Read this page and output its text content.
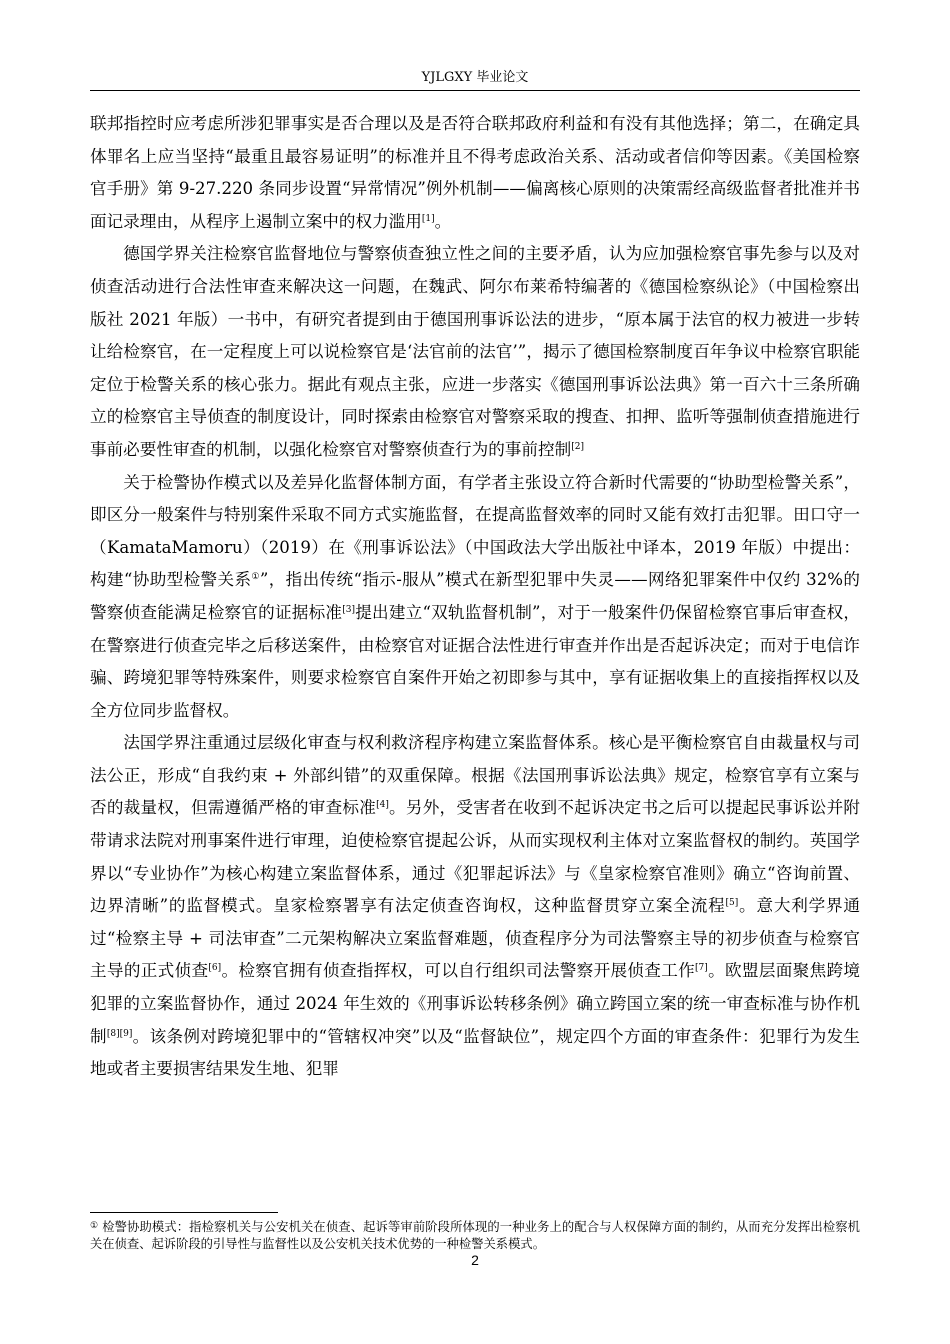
YJLGXY 毕业论文

联邦指控时应考虑所涉犯罪事实是否合理以及是否符合联邦政府利益和有没有其他选择；第二，在确定具体罪名上应当坚持“最重且最容易证明”的标准并且不得考虑政治关系、活动或者信仰等因素。《美国检察官手册》第 9-27.220 条同步设置“异常情况”例外机制——偏离核心原则的决策需经高级监督者批准并书面记录理由，从程序上遏制立案中的权力滥用[1]。

德国学界关注检察官监督地位与警察侦查独立性之间的主要矛盾，认为应加强检察官事先参与以及对侦查活动进行合法性审查来解决这一问题，在魏武、阿尔布莱希特编著的《德国检察纵论》（中国检察出版社 2021 年版）一书中，有研究者提到由于德国刑事诉讼法的进步，“原本属于法官的权力被进一步转让给检察官，在一定程度上可以说检察官是‘法官前的法官’”，揭示了德国检察制度百年争议中检察官职能定位于检警关系的核心张力。据此有观点主张，应进一步落实《德国刑事诉讼法典》第一百六十三条所确立的检察官主导侦查的制度设计，同时探索由检察官对警察采取的搜查、扣押、监听等强制侦查措施进行事前必要性审查的机制，以强化检察官对警察侦查行为的事前控制[2]

关于检警协作模式以及差异化监督体制方面，有学者主张设立符合新时代需要的“协助型检警关系”，即区分一般案件与特别案件采取不同方式实施监督，在提高监督效率的同时又能有效打击犯罪。田口守一（KamataMamoru）（2019）在《刑事诉讼法》（中国政法大学出版社中译本，2019 年版）中提出：构建“协助型检警关系①”，指出传统“指示-服从”模式在新型犯罪中失灵——网络犯罪案件中仅约 32%的警察侦查能满足检察官的证据标准[3]提出建立“双轨监督机制”，对于一般案件仍保留检察官事后审查权，在警察进行侦查完毕之后移送案件，由检察官对证据合法性进行审查并作出是否起诉决定；而对于电信诈骗、跨境犯罪等特殊案件，则要求检察官自案件开始之初即参与其中，享有证据收集上的直接指挥权以及全方位同步监督权。

法国学界注重通过层级化审查与权利救济程序构建立案监督体系。核心是平衡检察官自由裁量权与司法公正，形成“自我约束 + 外部纠错”的双重保障。根据《法国刑事诉讼法典》规定，检察官享有立案与否的裁量权，但需遵循严格的审查标准[4]。另外，受害者在收到不起诉决定书之后可以提起民事诉讼并附带请求法院对刑事案件进行审理，迫使检察官提起公诉，从而实现权利主体对立案监督权的制约。英国学界以“专业协作”为核心构建立案监督体系，通过《犯罪起诉法》与《皇家检察官准则》确立“咨询前置、边界清晰”的监督模式。皇家检察署享有法定侦查咨询权，这种监督贯穿立案全流程[5]。意大利学界通过“检察主导 + 司法审查”二元架构解决立案监督难题，侦查程序分为司法警察主导的初步侦查与检察官主导的正式侦查[6]。检察官拥有侦查指挥权，可以自行组织司法警察开展侦查工作[7]。欧盟层面聚焦跨境犯罪的立案监督协作，通过 2024 年生效的《刑事诉讼转移条例》确立跨国立案的统一审查标准与协作机制[8][9]。该条例对跨境犯罪中的“管辖权冲突”以及“监督缺位”，规定四个方面的审查条件：犯罪行为发生地或者主要损害结果发生地、犯罪

① 检警协助模式：指检察机关与公安机关在侦查、起诉等审前阶段所体现的一种业务上的配合与人权保障方面的制约，从而充分发挥出检察机关在侦查、起诉阶段的引导性与监督性以及公安机关技术优势的一种检警关系模式。

2
